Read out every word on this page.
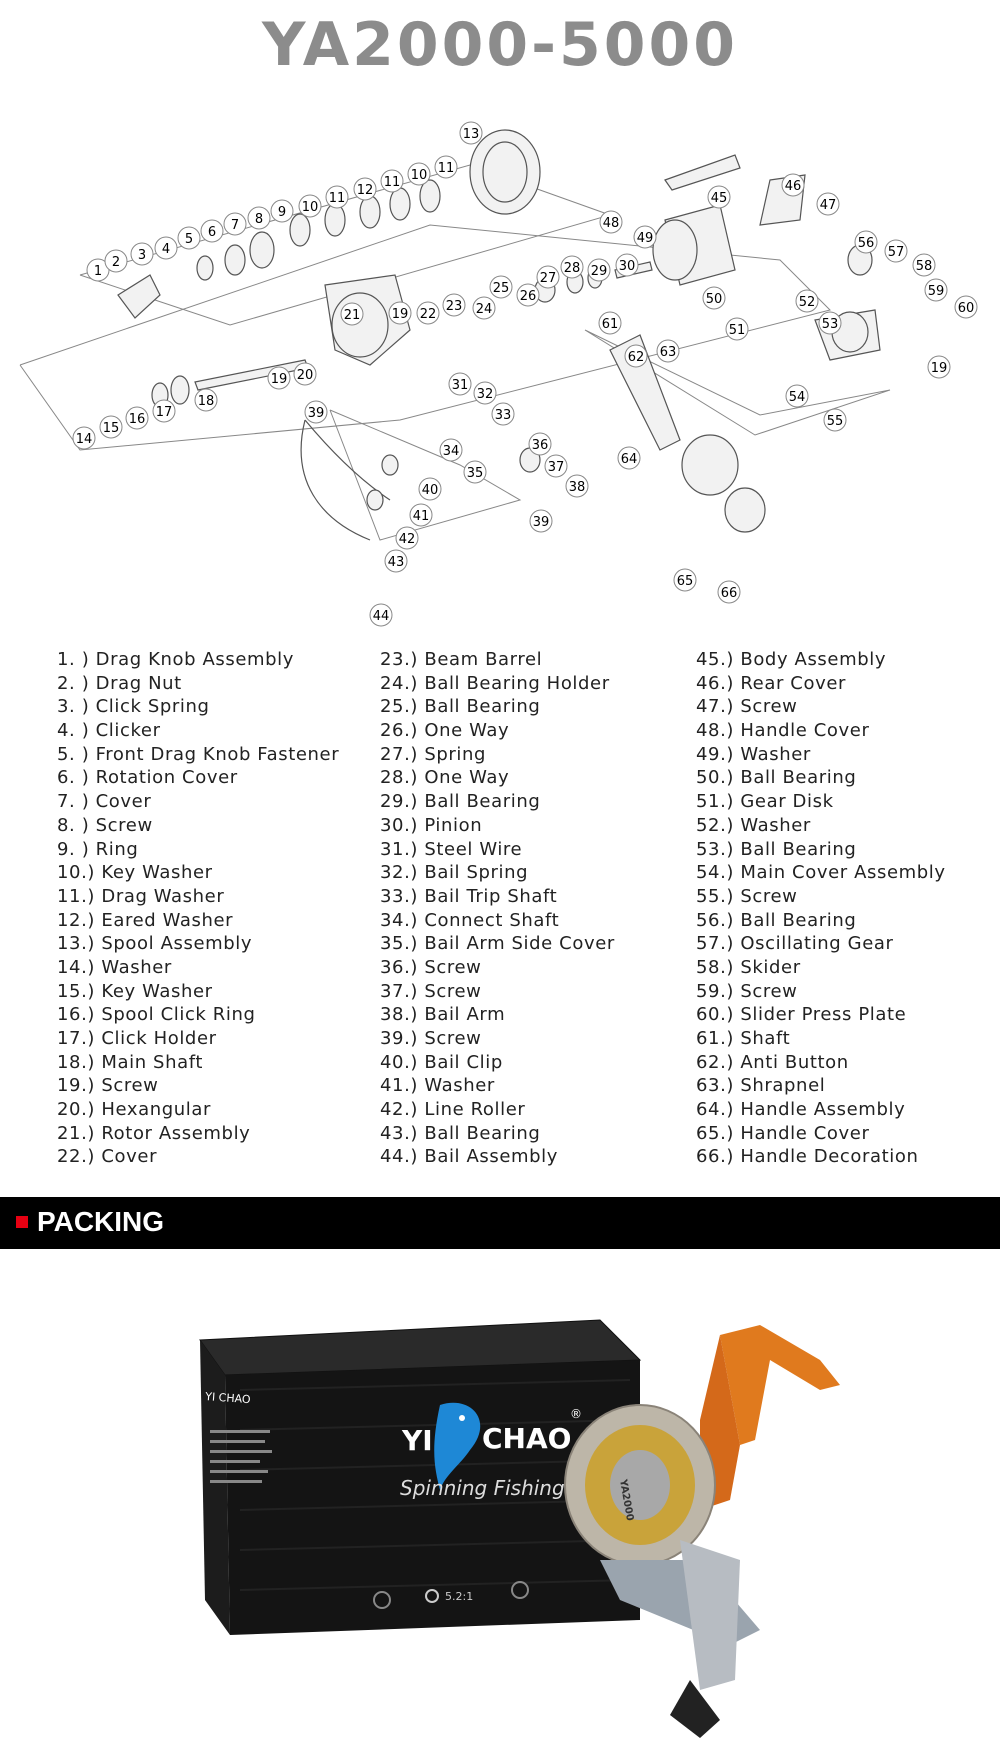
YA2000-5000
1
2 3 4
5 6 7 8 9 10
11
12
11 10 11
13
14
15
16 17
18
19 20
21 19 22
23 24
25
26
27
28 29 30
31
32
33
34
35
36
37
38
39
39
40
41
42
43
44
45
46
47
48
49
50
51
52
53
54
55
56
57
58
59
60
19
61
62 63
64
65
66
1. ) Drag Knob Assembly
2. ) Drag Nut
3. ) Click Spring
4. ) Clicker
5. ) Front Drag Knob Fastener
6. ) Rotation Cover
7. ) Cover
8. ) Screw
9. ) Ring
10.) Key Washer
11.) Drag Washer
12.) Eared Washer
13.) Spool Assembly
14.) Washer
15.) Key Washer
16.) Spool Click Ring
17.) Click Holder
18.) Main Shaft
19.) Screw
20.) Hexangular
21.) Rotor Assembly
22.) Cover
23.) Beam Barrel
24.) Ball Bearing Holder
25.) Ball Bearing
26.) One Way
27.) Spring
28.) One Way
29.) Ball Bearing
30.) Pinion
31.) Steel Wire
32.) Bail Spring
33.) Bail Trip Shaft
34.) Connect Shaft
35.) Bail Arm Side Cover
36.) Screw
37.) Screw
38.) Bail Arm
39.) Screw
40.) Bail Clip
41.) Washer
42.) Line Roller
43.) Ball Bearing
44.) Bail Assembly
45.) Body Assembly
46.) Rear Cover
47.) Screw
48.) Handle Cover
49.) Washer
50.) Ball Bearing
51.) Gear Disk
52.) Washer
53.) Ball Bearing
54.) Main Cover Assembly
55.) Screw
56.) Ball Bearing
57.) Oscillating Gear
58.) Skider
59.) Screw
60.) Slider Press Plate
61.) Shaft
62.) Anti Button
63.) Shrapnel
64.) Handle Assembly
65.) Handle Cover
66.) Handle Decoration
PACKING
YI CHAO
®
Spinning Fishing
5.2:1
YI CHAO
YA2000
